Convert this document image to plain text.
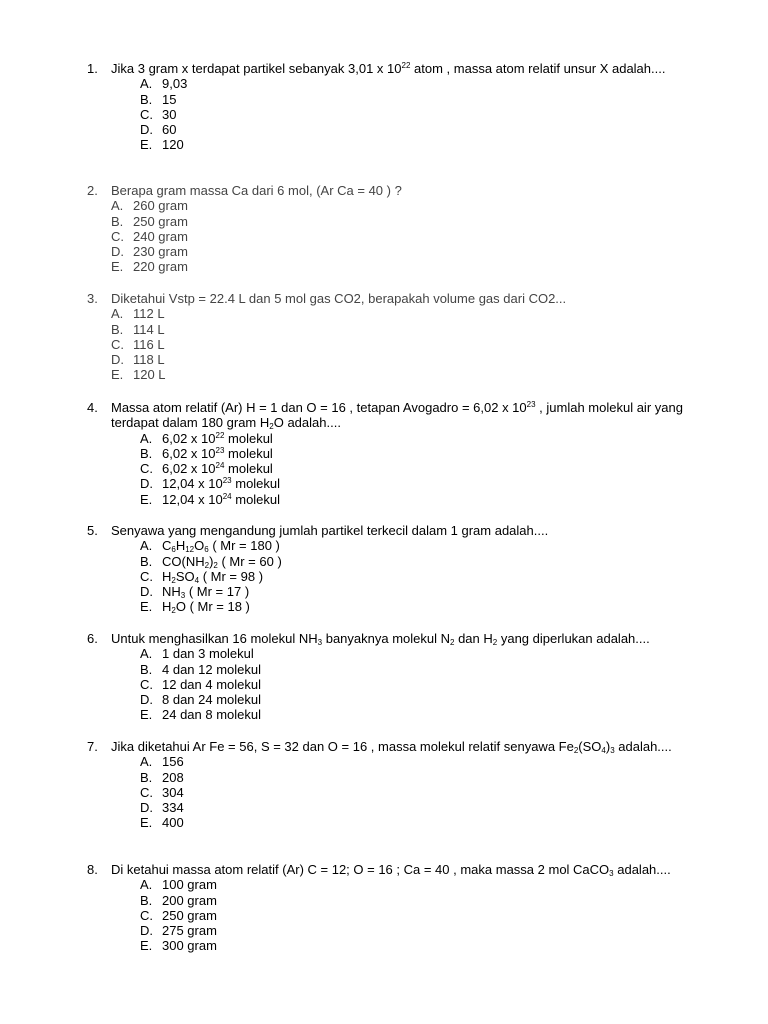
1.	Jika 3 gram x terdapat partikel sebanyak 3,01 x $10^{22}$ atom , massa atom relatif unsur X adalah....
A. 9,03
B. 15
C. 30
D. 60
E. 120
2.	Berapa gram massa Ca dari 6 mol, (Ar Ca = 40 ) ?
A. 260 gram
B. 250 gram
C. 240 gram
D. 230 gram
E. 220 gram
3.	Diketahui Vstp = 22.4 L dan 5 mol gas CO2, berapakah volume gas dari CO2...
A. 112 L
B. 114 L
C. 116 L
D. 118 L
E. 120 L
4.	Massa atom relatif (Ar) H = 1 dan O = 16 , tetapan Avogadro = 6,02 x $10^{23}$ , jumlah molekul air yang terdapat dalam 180 gram $H_2O$ adalah....
A. 6,02 x $10^{22}$ molekul
B. 6,02 x $10^{23}$ molekul
C. 6,02 x $10^{24}$ molekul
D. 12,04 x $10^{23}$ molekul
E. 12,04 x $10^{24}$ molekul
5.	Senyawa yang mengandung jumlah partikel terkecil dalam 1 gram adalah....
A. $C_6H_{12}O_6$ ( Mr = 180 )
B. $CO(NH_2)_2$ ( Mr = 60 )
C. $H_2SO_4$ ( Mr = 98 )
D. $NH_3$ ( Mr = 17 )
E. $H_2O$ ( Mr = 18 )
6.	Untuk menghasilkan 16 molekul $NH_3$ banyaknya molekul $N_2$ dan $H_2$ yang diperlukan adalah....
A. 1 dan 3 molekul
B. 4 dan 12 molekul
C. 12 dan 4 molekul
D. 8 dan 24 molekul
E. 24 dan 8 molekul
7.	Jika diketahui Ar Fe = 56, S = 32 dan O = 16 , massa molekul relatif senyawa $Fe_2(SO_4)_3$ adalah....
A. 156
B. 208
C. 304
D. 334
E. 400
8.	Di ketahui massa atom relatif (Ar) C = 12; O = 16 ; Ca = 40 , maka massa 2 mol CaCO$_3$ adalah....
A. 100 gram
B. 200 gram
C. 250 gram
D. 275 gram
E. 300 gram
